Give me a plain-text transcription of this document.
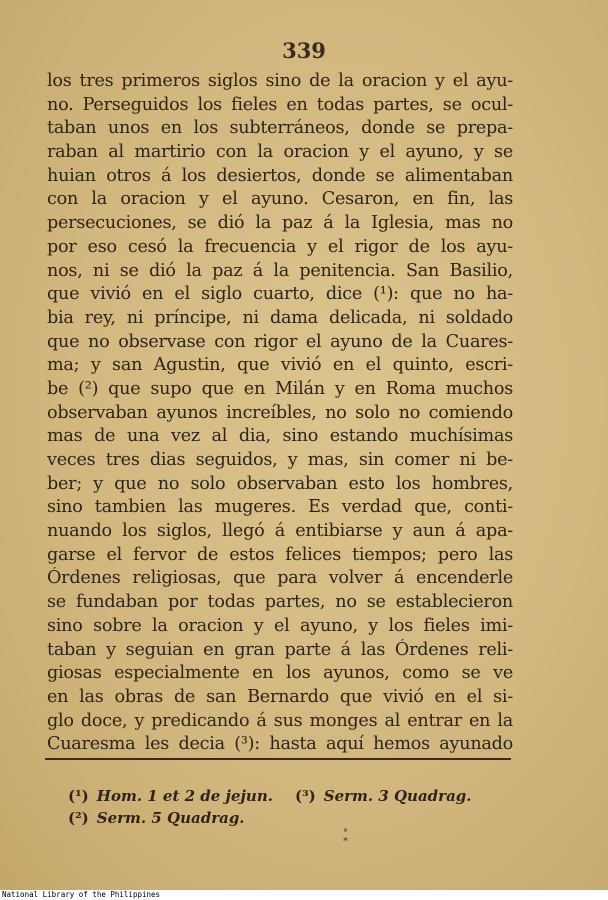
339
los tres primeros siglos sino de la oracion y el ayu-
no. Perseguidos los fieles en todas partes, se ocul-
taban unos en los subterráneos, donde se prepa-
raban al martirio con la oracion y el ayuno, y se
huian otros á los desiertos, donde se alimentaban
con la oracion y el ayuno. Cesaron, en fin, las
persecuciones, se dió la paz á la Iglesia, mas no
por eso cesó la frecuencia y el rigor de los ayu-
nos, ni se dió la paz á la penitencia. San Basilio,
que vivió en el siglo cuarto, dice (¹): que no ha-
bia rey, ni príncipe, ni dama delicada, ni soldado
que no observase con rigor el ayuno de la Cuares-
ma; y san Agustin, que vivió en el quinto, escri-
be (²) que supo que en Milán y en Roma muchos
observaban ayunos increíbles, no solo no comiendo
mas de una vez al dia, sino estando muchísimas
veces tres dias seguidos, y mas, sin comer ni be-
ber; y que no solo observaban esto los hombres,
sino tambien las mugeres. Es verdad que, conti-
nuando los siglos, llegó á entibiarse y aun á apa-
garse el fervor de estos felices tiempos; pero las
Órdenes religiosas, que para volver á encenderle
se fundaban por todas partes, no se establecieron
sino sobre la oracion y el ayuno, y los fieles imi-
taban y seguian en gran parte á las Órdenes reli-
giosas especialmente en los ayunos, como se ve
en las obras de san Bernardo que vivió en el si-
glo doce, y predicando á sus monges al entrar en la
Cuaresma les decia (³): hasta aquí hemos ayunado
(¹) Hom. 1 et 2 de jejun. (³) Serm. 3 Quadrag.
(²) Serm. 5 Quadrag.
°
*
National Library of the Philippines
